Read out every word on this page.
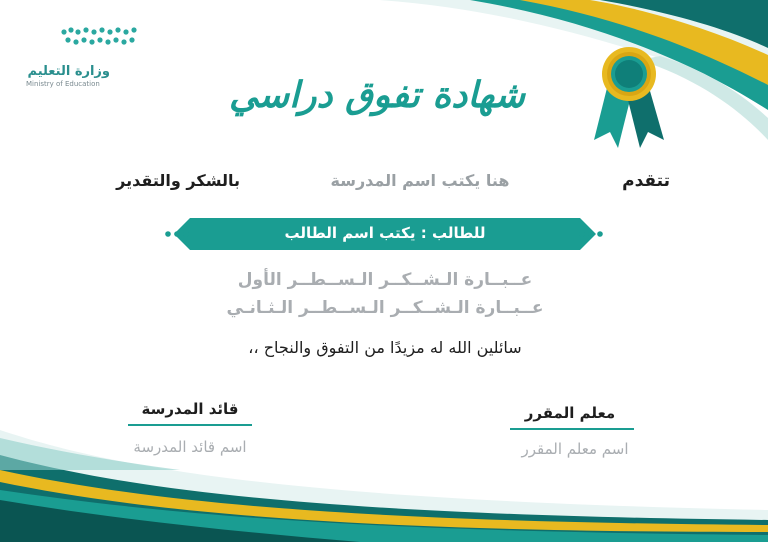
وزارة التعليم
Ministry of Education	شهادة تفوق دراسي
تتقدم
هنا يكتب اسم المدرسة
بالشكر والتقدير
للطالب : يكتب اسم الطالب
عــبــارة الـشــكــر الـســطــر الأول
عــبــارة الـشــكــر الـســطــر الـثـانـي
سائلين الله له مزيدًا من التفوق والنجاح ،،
قائد المدرسة
اسم قائد المدرسة
معلم المقرر
اسم معلم المقرر
